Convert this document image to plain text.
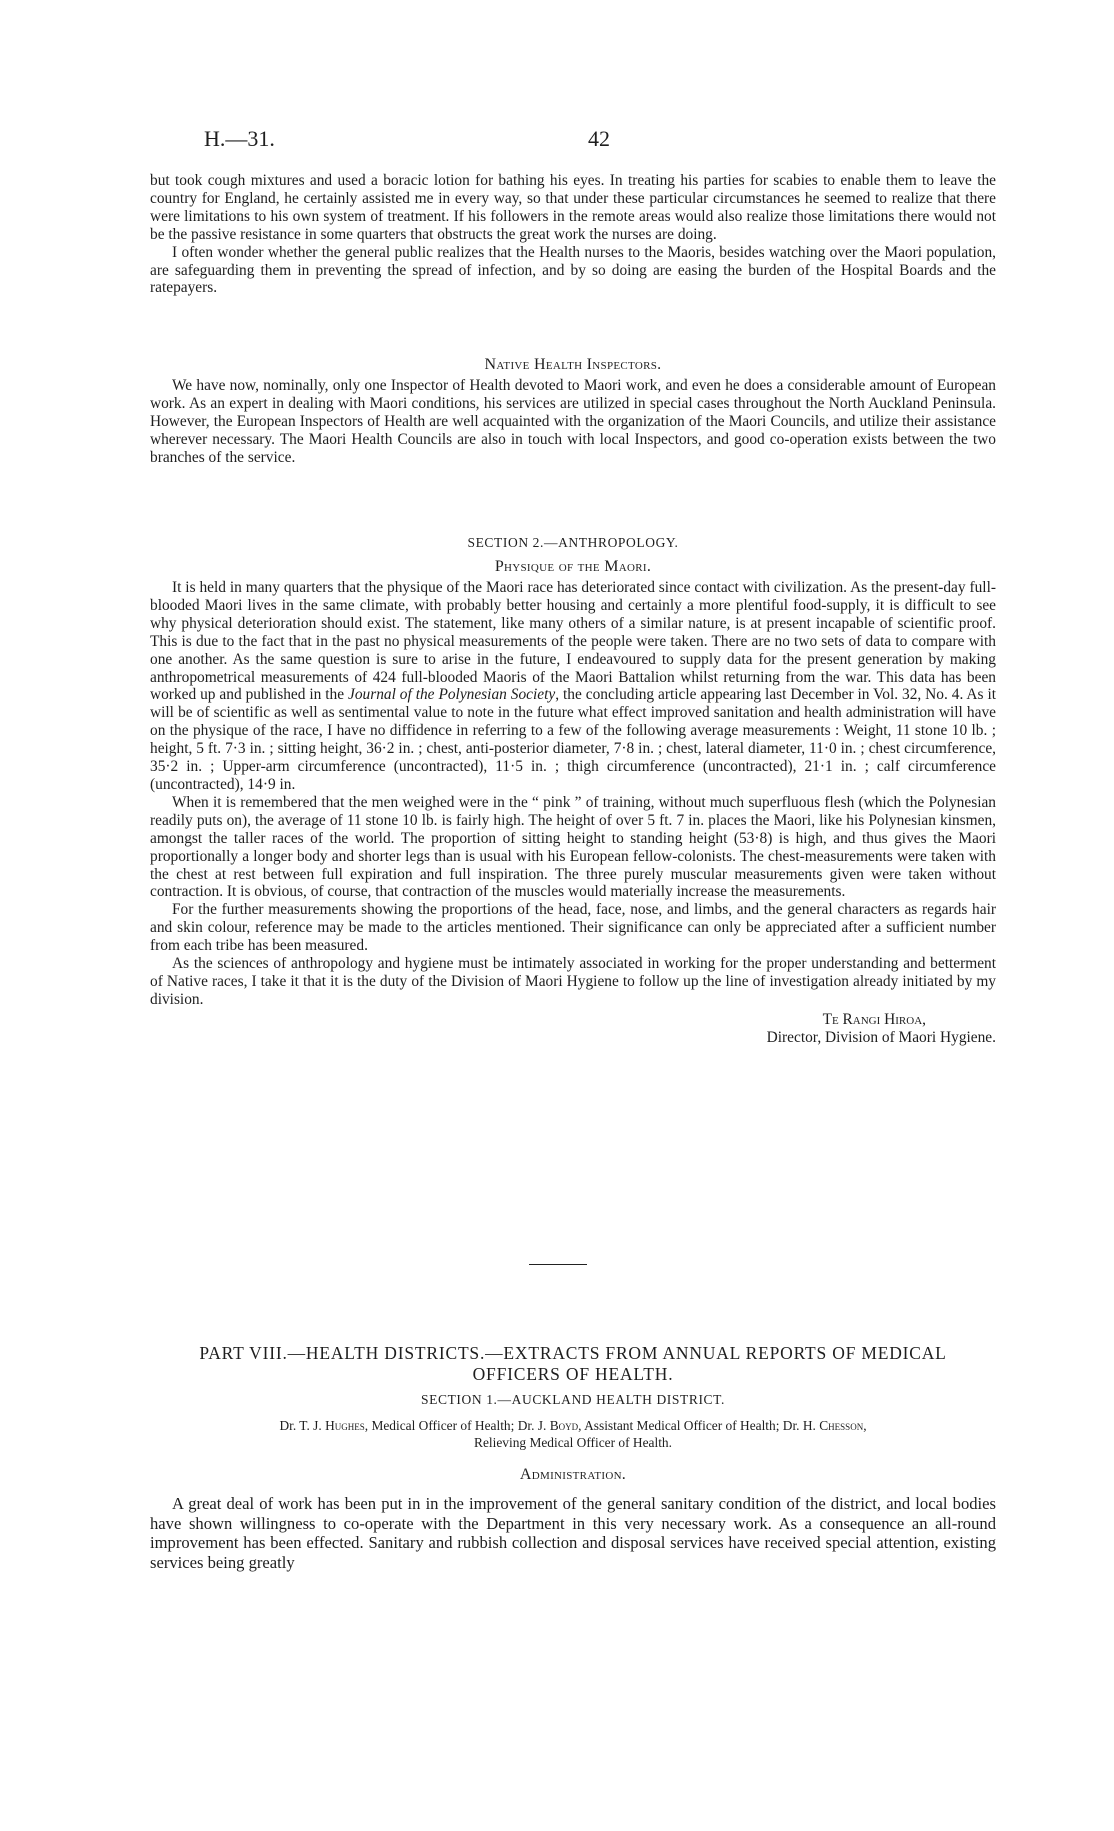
H.—31.	42

but took cough mixtures and used a boracic lotion for bathing his eyes. In treating his parties for scabies to enable them to leave the country for England, he certainly assisted me in every way, so that under these particular circumstances he seemed to realize that there were limitations to his own system of treatment. If his followers in the remote areas would also realize those limitations there would not be the passive resistance in some quarters that obstructs the great work the nurses are doing.

I often wonder whether the general public realizes that the Health nurses to the Maoris, besides watching over the Maori population, are safeguarding them in preventing the spread of infection, and by so doing are easing the burden of the Hospital Boards and the ratepayers.

Native Health Inspectors.

We have now, nominally, only one Inspector of Health devoted to Maori work, and even he does a considerable amount of European work. As an expert in dealing with Maori conditions, his services are utilized in special cases throughout the North Auckland Peninsula. However, the European Inspectors of Health are well acquainted with the organization of the Maori Councils, and utilize their assistance wherever necessary. The Maori Health Councils are also in touch with local Inspectors, and good co-operation exists between the two branches of the service.

SECTION 2.—ANTHROPOLOGY.
Physique of the Maori.

It is held in many quarters that the physique of the Maori race has deteriorated since contact with civilization. As the present-day full-blooded Maori lives in the same climate, with probably better housing and certainly a more plentiful food-supply, it is difficult to see why physical deterioration should exist. The statement, like many others of a similar nature, is at present incapable of scientific proof. This is due to the fact that in the past no physical measurements of the people were taken. There are no two sets of data to compare with one another. As the same question is sure to arise in the future, I endeavoured to supply data for the present generation by making anthropometrical measurements of 424 full-blooded Maoris of the Maori Battalion whilst returning from the war. This data has been worked up and published in the Journal of the Polynesian Society, the concluding article appearing last December in Vol. 32, No. 4. As it will be of scientific as well as sentimental value to note in the future what effect improved sanitation and health administration will have on the physique of the race, I have no diffidence in referring to a few of the following average measurements : Weight, 11 stone 10 lb. ; height, 5 ft. 7·3 in. ; sitting height, 36·2 in. ; chest, anti-posterior diameter, 7·8 in. ; chest, lateral diameter, 11·0 in. ; chest circumference, 35·2 in. ; Upper-arm circumference (uncontracted), 11·5 in. ; thigh circumference (uncontracted), 21·1 in. ; calf circumference (uncontracted), 14·9 in.

When it is remembered that the men weighed were in the “ pink ” of training, without much superfluous flesh (which the Polynesian readily puts on), the average of 11 stone 10 lb. is fairly high. The height of over 5 ft. 7 in. places the Maori, like his Polynesian kinsmen, amongst the taller races of the world. The proportion of sitting height to standing height (53·8) is high, and thus gives the Maori proportionally a longer body and shorter legs than is usual with his European fellow-colonists. The chest-measurements were taken with the chest at rest between full expiration and full inspiration. The three purely muscular measurements given were taken without contraction. It is obvious, of course, that contraction of the muscles would materially increase the measurements.

For the further measurements showing the proportions of the head, face, nose, and limbs, and the general characters as regards hair and skin colour, reference may be made to the articles mentioned. Their significance can only be appreciated after a sufficient number from each tribe has been measured.

As the sciences of anthropology and hygiene must be intimately associated in working for the proper understanding and betterment of Native races, I take it that it is the duty of the Division of Maori Hygiene to follow up the line of investigation already initiated by my division.

Te Rangi Hiroa,
Director, Division of Maori Hygiene.
PART VIII.—HEALTH DISTRICTS.—EXTRACTS FROM ANNUAL REPORTS OF MEDICAL
OFFICERS OF HEALTH.
SECTION 1.—AUCKLAND HEALTH DISTRICT.
Dr. T. J. Hughes, Medical Officer of Health; Dr. J. Boyd, Assistant Medical Officer of Health; Dr. H. Chesson,
Relieving Medical Officer of Health.
Administration.

A great deal of work has been put in in the improvement of the general sanitary condition of the district, and local bodies have shown willingness to co-operate with the Department in this very necessary work. As a consequence an all-round improvement has been effected. Sanitary and rubbish collection and disposal services have received special attention, existing services being greatly
